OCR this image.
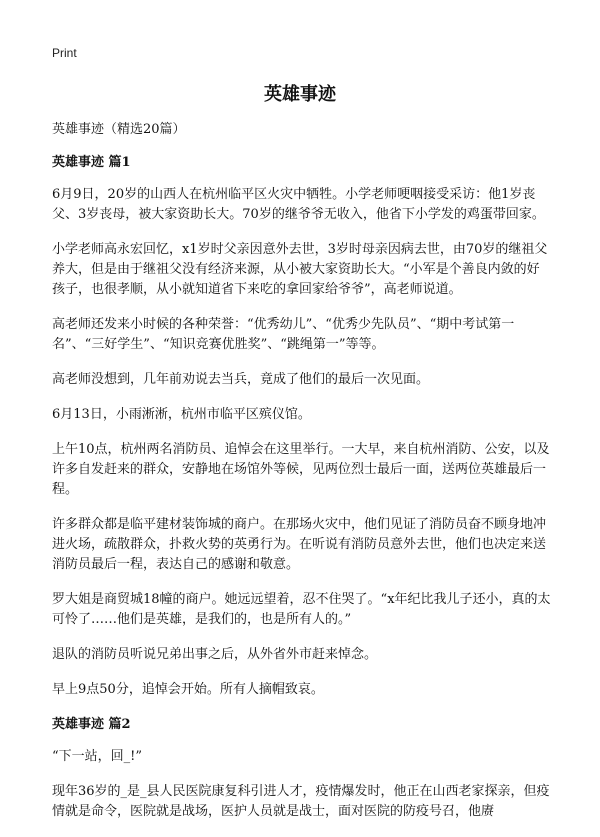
Print
英雄事迹

英雄事迹（精选20篇）

英雄事迹 篇1

6月9日，20岁的山西人在杭州临平区火灾中牺牲。小学老师哽咽接受采访：他1岁丧父、3岁丧母，被大家资助长大。70岁的继爷爷无收入，他省下小学发的鸡蛋带回家。

小学老师高永宏回忆，x1岁时父亲因意外去世，3岁时母亲因病去世，由70岁的继祖父养大，但是由于继祖父没有经济来源，从小被大家资助长大。“小军是个善良内敛的好孩子，也很孝顺，从小就知道省下来吃的拿回家给爷爷”，高老师说道。

高老师还发来小时候的各种荣誉：“优秀幼儿”、“优秀少先队员”、“期中考试第一名”、“三好学生”、“知识竞赛优胜奖”、“跳绳第一”等等。

高老师没想到，几年前劝说去当兵，竟成了他们的最后一次见面。

6月13日，小雨淅淅，杭州市临平区殡仪馆。

上午10点，杭州两名消防员、追悼会在这里举行。一大早，来自杭州消防、公安，以及许多自发赶来的群众，安静地在场馆外等候，见两位烈士最后一面，送两位英雄最后一程。

许多群众都是临平建材装饰城的商户。在那场火灾中，他们见证了消防员奋不顾身地冲进火场，疏散群众，扑救火势的英勇行为。在听说有消防员意外去世，他们也决定来送消防员最后一程，表达自己的感谢和敬意。

罗大姐是商贸城18幢的商户。她远远望着，忍不住哭了。“x年纪比我儿子还小，真的太可怜了……他们是英雄，是我们的，也是所有人的。”

退队的消防员听说兄弟出事之后，从外省外市赶来悼念。

早上9点50分，追悼会开始。所有人摘帽致哀。

英雄事迹 篇2

“下一站，回_!”

现年36岁的_是_县人民医院康复科引进人才，疫情爆发时，他正在山西老家探亲，但疫情就是命令，医院就是战场，医护人员就是战士，面对医院的防疫号召，他赓
